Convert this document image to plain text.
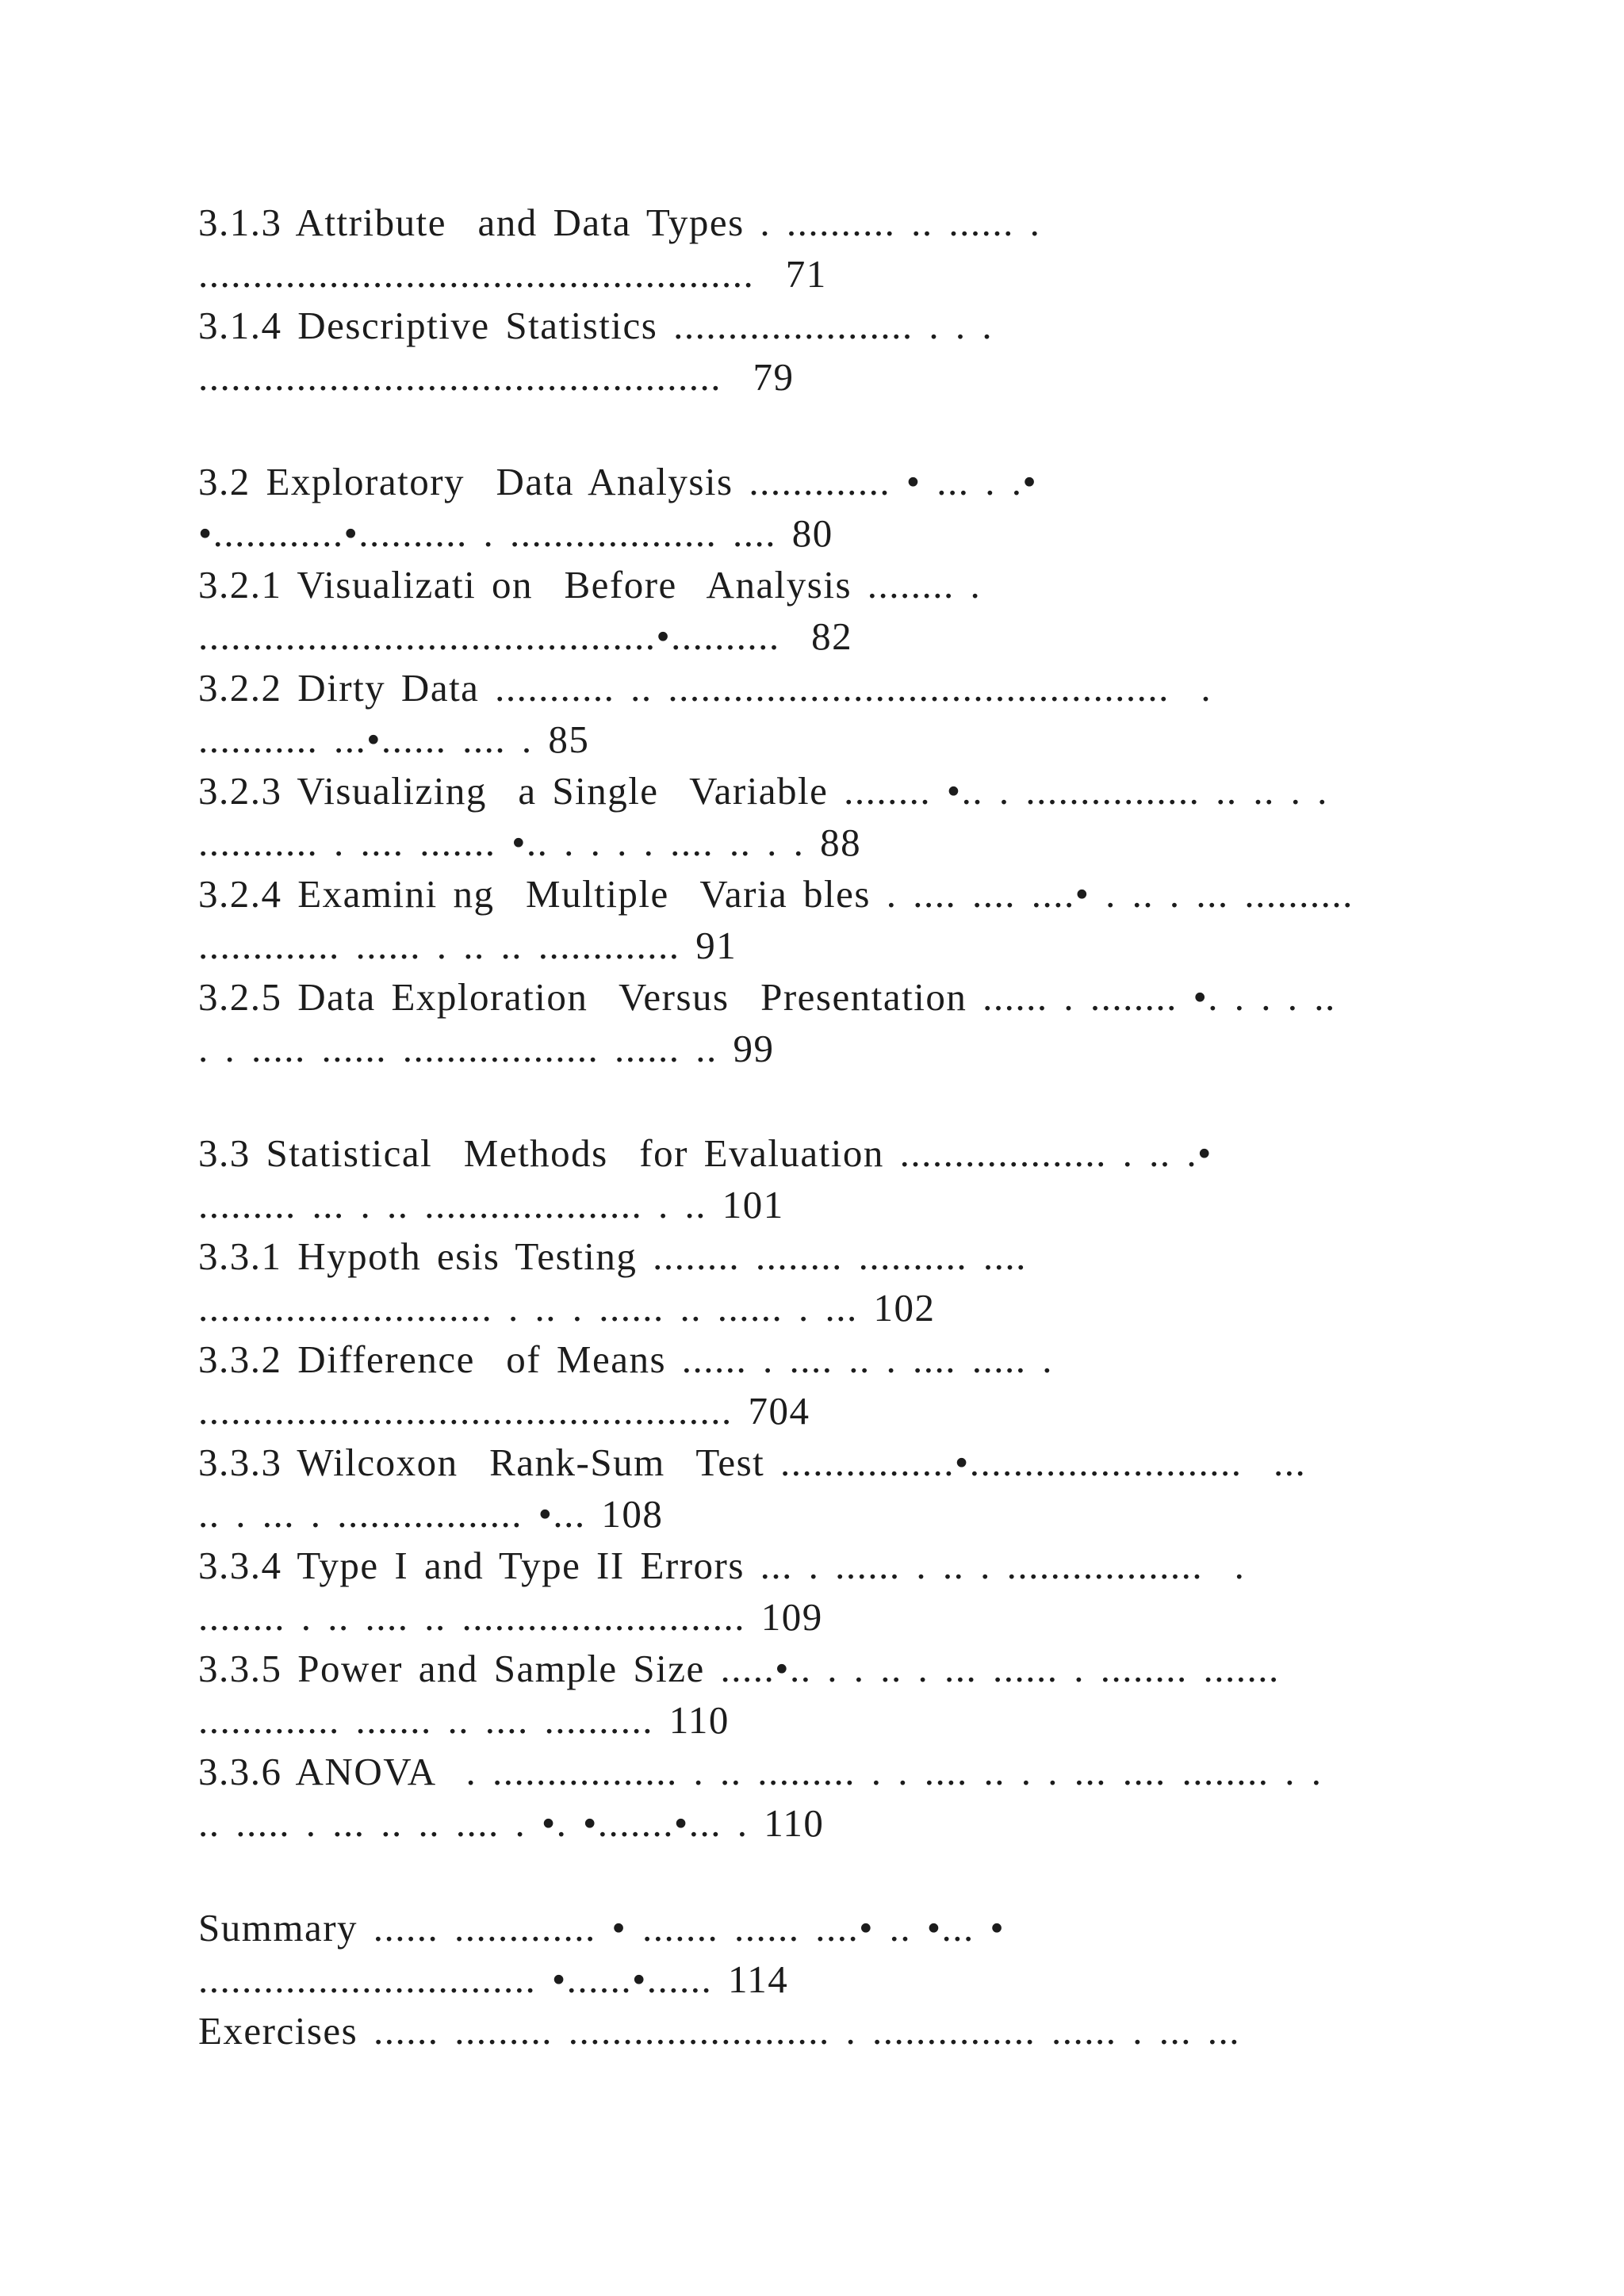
3.1.3 Attribute  and Data Types . .......... .. ...... .
...................................................  71
3.1.4 Descriptive Statistics ...................... . . .
................................................  79
3.2 Exploratory  Data Analysis ............. • ... . .•
•............•.......... . ................... .... 80
3.2.1 Visualizati on  Before  Analysis ........ .
..........................................•..........  82
3.2.2 Dirty Data ........... .. ..............................................  .
........... ...•...... .... . 85
3.2.3 Visualizing  a Single  Variable ........ •.. . ................ .. .. . .
........... . .... ....... •.. . . . . .... .. . . 88
3.2.4 Examini ng  Multiple  Varia bles . .... .... ....• . .. . ... ..........
............. ...... . .. .. ............. 91
3.2.5 Data Exploration  Versus  Presentation ...... . ........ •. . . . ..
. . ..... ...... .................. ...... .. 99
3.3 Statistical  Methods  for Evaluation ................... . .. .•
......... ... . .. .................... . .. 101
3.3.1 Hypoth esis Testing ........ ........ .......... ....
........................... . .. . ...... .. ...... . ... 102
3.3.2 Difference  of Means ...... . .... .. . .... ..... .
................................................. 704
3.3.3 Wilcoxon  Rank-Sum  Test ................•.........................  ...
.. . ... . ................. •... 108
3.3.4 Type I and Type II Errors ... . ...... . .. . ..................  .
........ . .. .... .. .......................... 109
3.3.5 Power and Sample Size .....•.. . . .. . ... ...... . ........ .......
............. ....... .. .... .......... 110
3.3.6 ANOVA  . ................. . .. ......... . . .... .. . . ... .... ........ . .
.. ..... . ... .. .. .... . •. •.......•... . 110
Summary ...... ............. • ....... ...... ....• .. •... •
............................... •......•...... 114
Exercises ...... ......... ........................ . ............... ...... . ... ...
